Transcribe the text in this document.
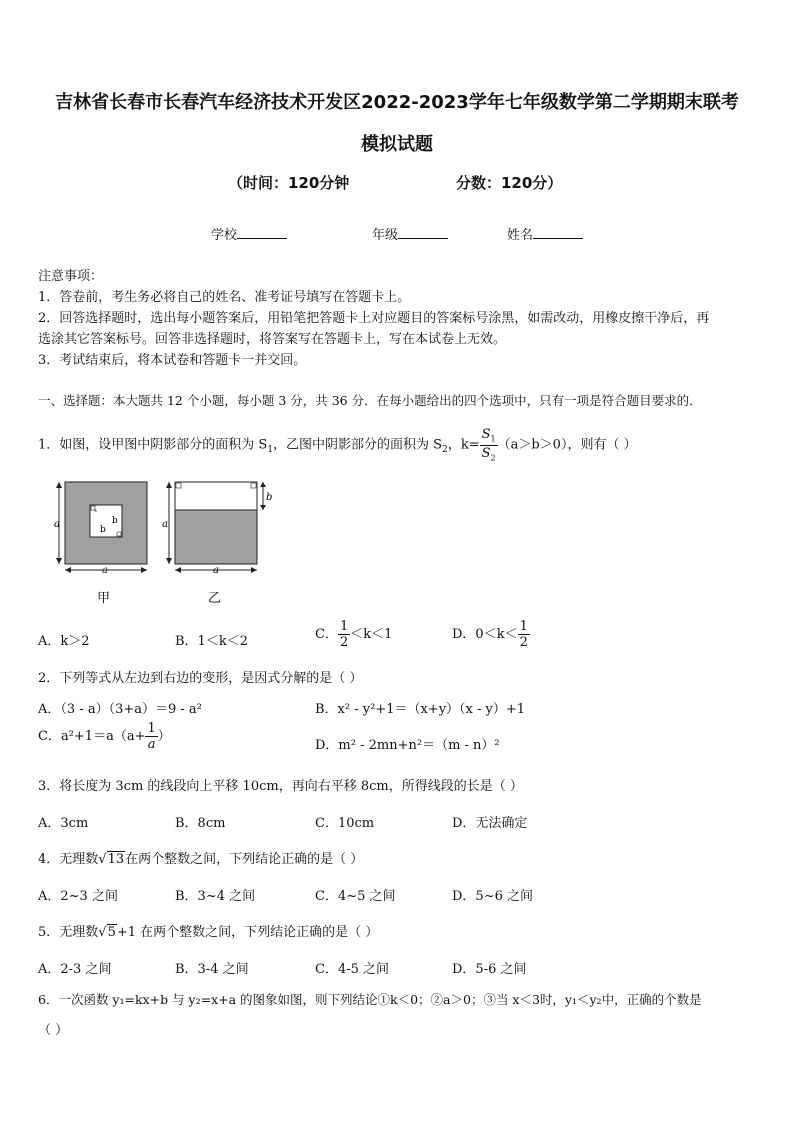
吉林省长春市长春汽车经济技术开发区2022-2023学年七年级数学第二学期期末联考
模拟试题
（时间：120分钟	分数：120分）
学校	年级	姓名
注意事项：
1．答卷前，考生务必将自己的姓名、准考证号填写在答题卡上。
2．回答选择题时，选出每小题答案后，用铅笔把答题卡上对应题目的答案标号涂黑，如需改动，用橡皮擦干净后，再
选涂其它答案标号。回答非选择题时，将答案写在答题卡上，写在本试卷上无效。
3．考试结束后，将本试卷和答题卡一并交回。
一、选择题：本大题共 12 个小题，每小题 3 分，共 36 分．在每小题给出的四个选项中，只有一项是符合题目要求的．
1．如图，设甲图中阴影部分的面积为 $S_1$，乙图中阴影部分的面积为 $S_2$，$k= \frac{S_1}{S_2} (a>b>0)$，则有（ ）
b
b
a
a
甲
b
a
a
乙
A．k＞2	B．1＜k＜2	C． $\frac{1}{2} <k<1$	D．$0<k< \frac{1}{2}$
2．下列等式从左边到右边的变形，是因式分解的是（ ）
A．（3 - a）（3+a）＝9 - a²	B．x² - y²+1＝（x+y）（x - y）+1
C．$a^2+1=a(a+ \frac{1}{a}$ ）
D．m² - 2mn+n²＝（m - n）²
3．将长度为 3cm 的线段向上平移 10cm，再向右平移 8cm，所得线段的长是（ ）
A．3cm	B．8cm	C．10cm	D．无法确定
4．无理数√13在两个整数之间，下列结论正确的是（ ）
A．2~3 之间	B．3~4 之间	C．4~5 之间	D．5~6 之间
5．无理数√5+1 在两个整数之间，下列结论正确的是（ ）
A．2-3 之间	B．3-4 之间	C．4-5 之间	D．5-6 之间
6．一次函数 y₁=kx+b 与 y₂=x+a 的图象如图，则下列结论①k＜0；②a＞0；③当 x＜3时，y₁＜y₂中，正确的个数是
（ ）
